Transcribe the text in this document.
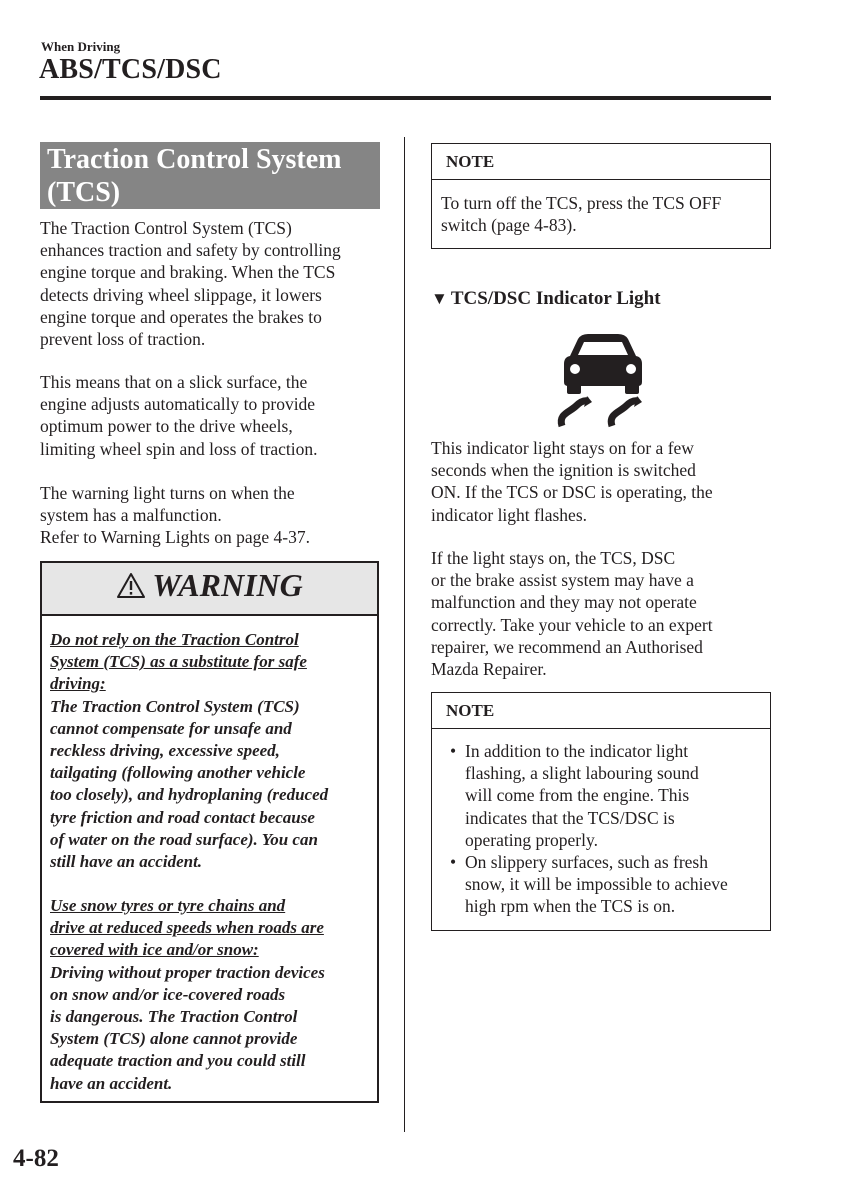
When Driving
ABS/TCS/DSC
Traction Control System
(TCS)
The Traction Control System (TCS)
enhances traction and safety by controlling
engine torque and braking. When the TCS
detects driving wheel slippage, it lowers
engine torque and operates the brakes to
prevent loss of traction.
This means that on a slick surface, the
engine adjusts automatically to provide
optimum power to the drive wheels,
limiting wheel spin and loss of traction.
The warning light turns on when the
system has a malfunction.
Refer to Warning Lights on page 4-37.
WARNING
Do not rely on the Traction Control
System (TCS) as a substitute for safe
driving:
The Traction Control System (TCS)
cannot compensate for unsafe and
reckless driving, excessive speed,
tailgating (following another vehicle
too closely), and hydroplaning (reduced
tyre friction and road contact because
of water on the road surface). You can
still have an accident.
Use snow tyres or tyre chains and
drive at reduced speeds when roads are
covered with ice and/or snow:
Driving without proper traction devices
on snow and/or ice-covered roads
is dangerous. The Traction Control
System (TCS) alone cannot provide
adequate traction and you could still
have an accident.
NOTE
To turn off the TCS, press the TCS OFF
switch (page 4-83).
▼ TCS/DSC Indicator Light
This indicator light stays on for a few
seconds when the ignition is switched
ON. If the TCS or DSC is operating, the
indicator light flashes.
If the light stays on, the TCS, DSC
or the brake assist system may have a
malfunction and they may not operate
correctly. Take your vehicle to an expert
repairer, we recommend an Authorised
Mazda Repairer.
NOTE
• In addition to the indicator light
flashing, a slight labouring sound
will come from the engine. This
indicates that the TCS/DSC is
operating properly.
• On slippery surfaces, such as fresh
snow, it will be impossible to achieve
high rpm when the TCS is on.
4-82
